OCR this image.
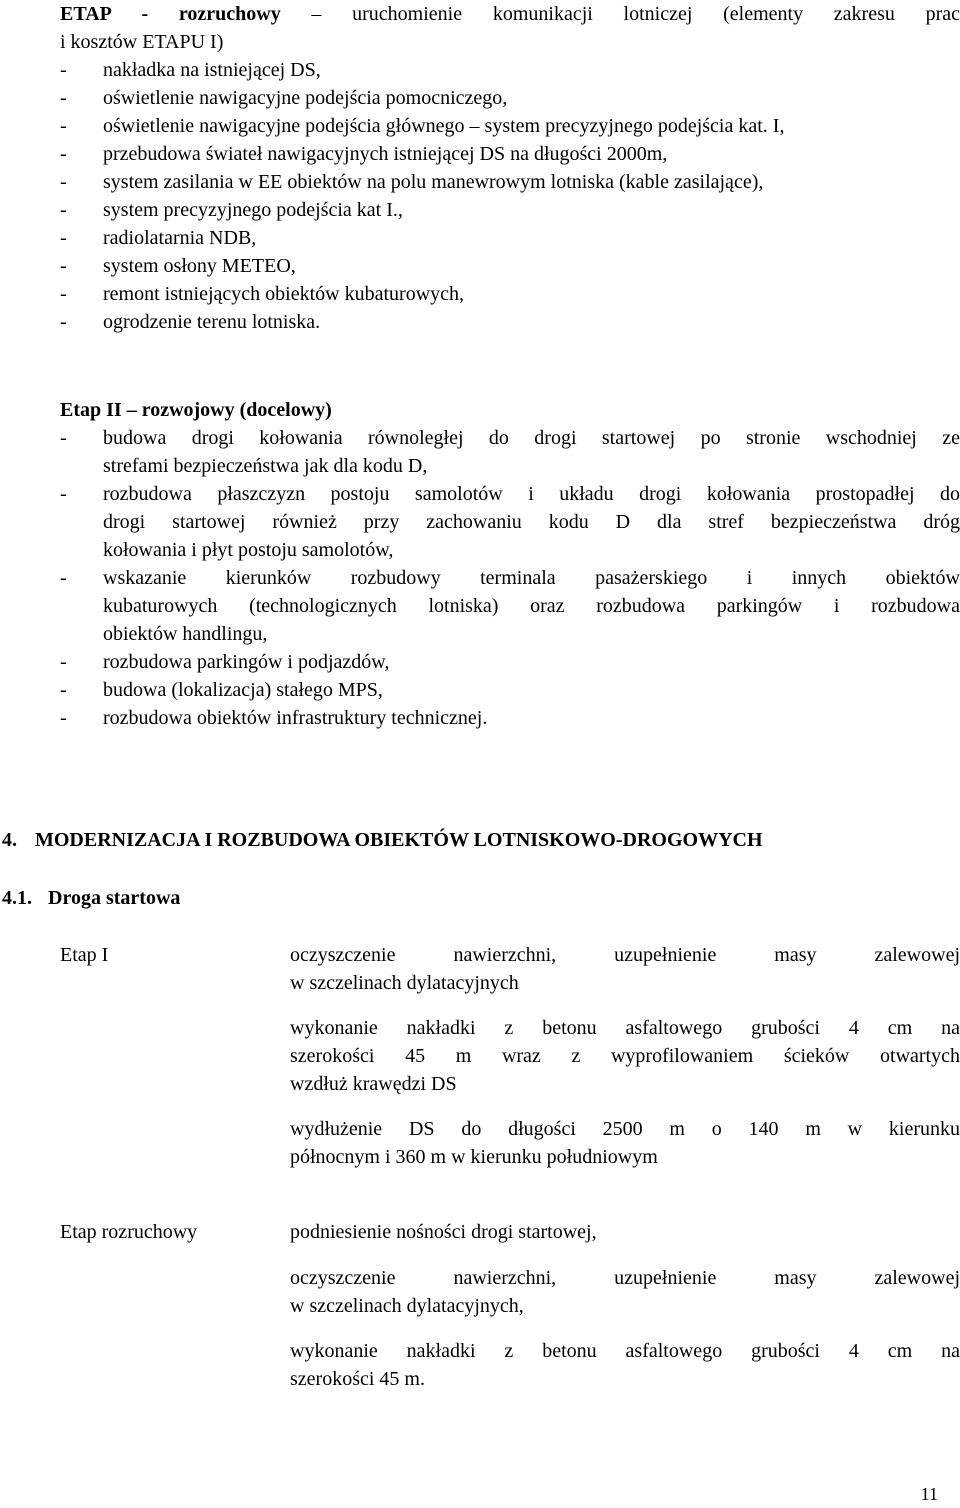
ETAP - rozruchowy – uruchomienie komunikacji lotniczej (elementy zakresu prac
i kosztów ETAPU I)
-	nakładka na istniejącej DS,
-	oświetlenie nawigacyjne podejścia pomocniczego,
-	oświetlenie nawigacyjne podejścia głównego – system precyzyjnego podejścia kat. I,
-	przebudowa świateł nawigacyjnych istniejącej DS na długości 2000m,
-	system zasilania w EE obiektów na polu manewrowym lotniska (kable zasilające),
-	system precyzyjnego podejścia kat I.,
-	radiolatarnia NDB,
-	system osłony METEO,
-	remont istniejących obiektów kubaturowych,
-	ogrodzenie terenu lotniska.
Etap II – rozwojowy (docelowy)
-	budowa drogi kołowania równoległej do drogi startowej po stronie wschodniej ze
strefami bezpieczeństwa jak dla kodu D,
-	rozbudowa płaszczyzn postoju samolotów i układu drogi kołowania prostopadłej do
drogi startowej również przy zachowaniu kodu D dla stref bezpieczeństwa dróg
kołowania i płyt postoju samolotów,
-	wskazanie kierunków rozbudowy terminala pasażerskiego i innych obiektów
kubaturowych (technologicznych lotniska) oraz rozbudowa parkingów i rozbudowa
obiektów handlingu,
-	rozbudowa parkingów i podjazdów,
-	budowa (lokalizacja) stałego MPS,
-	rozbudowa obiektów infrastruktury technicznej.
4. MODERNIZACJA I ROZBUDOWA OBIEKTÓW LOTNISKOWO-DROGOWYCH
4.1. Droga startowa
Etap I	oczyszczenie nawierzchni, uzupełnienie masy zalewowej
w szczelinach dylatacyjnych
wykonanie nakładki z betonu asfaltowego grubości 4 cm na
szerokości 45 m wraz z wyprofilowaniem ścieków otwartych
wzdłuż krawędzi DS
wydłużenie DS do długości 2500 m o 140 m w kierunku
północnym i 360 m w kierunku południowym
Etap rozruchowy	podniesienie nośności drogi startowej,
oczyszczenie nawierzchni, uzupełnienie masy zalewowej
w szczelinach dylatacyjnych,
wykonanie nakładki z betonu asfaltowego grubości 4 cm na
szerokości 45 m.
11
